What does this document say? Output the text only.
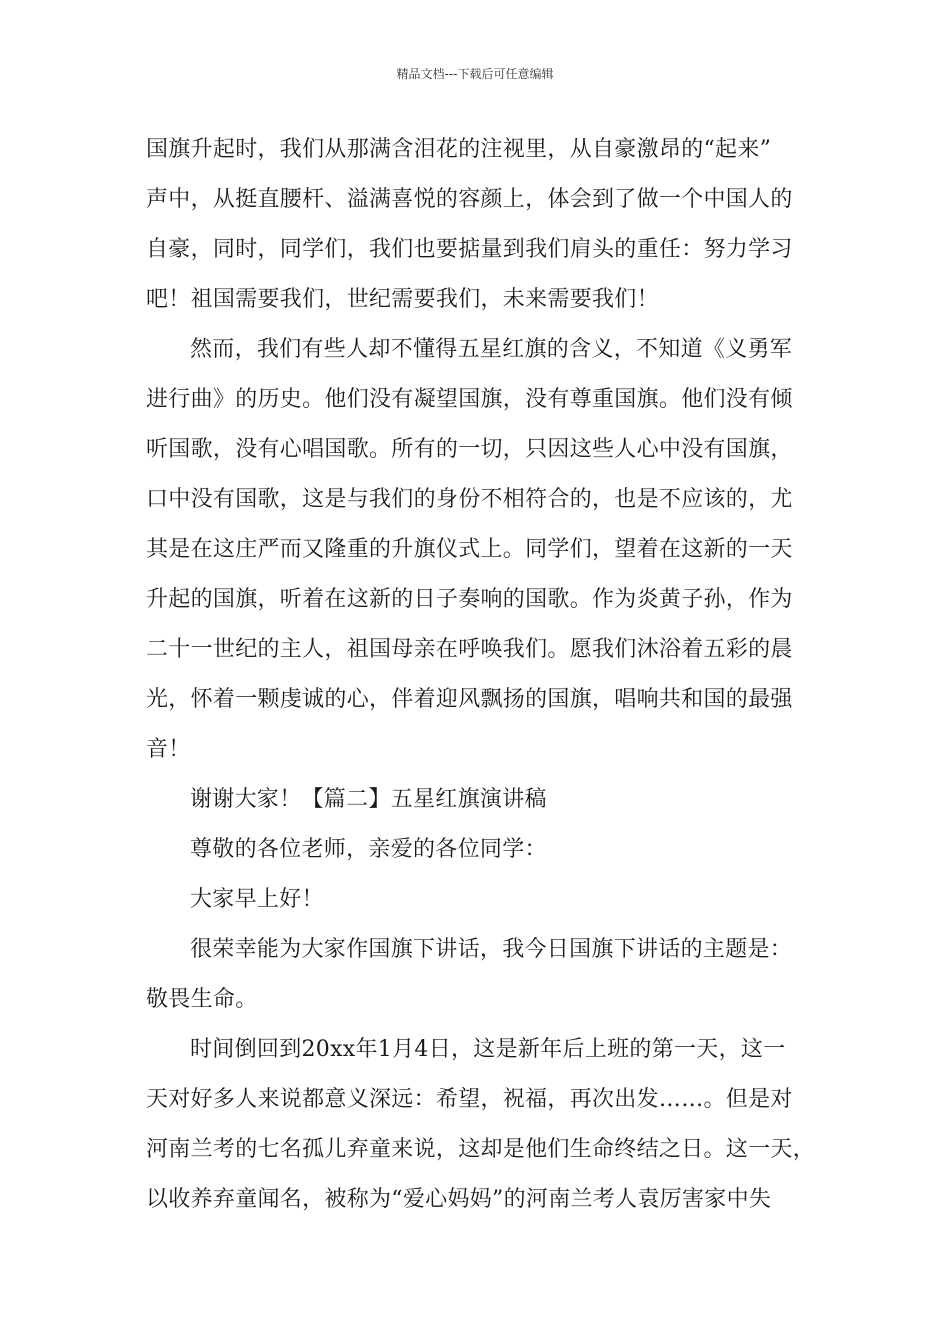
精品文档---下载后可任意编辑
国旗升起时，我们从那满含泪花的注视里，从自豪激昂的“起来”
声中，从挺直腰杆、溢满喜悦的容颜上，体会到了做一个中国人的
自豪，同时，同学们，我们也要掂量到我们肩头的重任：努力学习
吧！祖国需要我们，世纪需要我们，未来需要我们！
然而，我们有些人却不懂得五星红旗的含义，不知道《义勇军
进行曲》的历史。他们没有凝望国旗，没有尊重国旗。他们没有倾
听国歌，没有心唱国歌。所有的一切，只因这些人心中没有国旗，
口中没有国歌，这是与我们的身份不相符合的，也是不应该的，尤
其是在这庄严而又隆重的升旗仪式上。同学们，望着在这新的一天
升起的国旗，听着在这新的日子奏响的国歌。作为炎黄子孙，作为
二十一世纪的主人，祖国母亲在呼唤我们。愿我们沐浴着五彩的晨
光，怀着一颗虔诚的心，伴着迎风飘扬的国旗，唱响共和国的最强
音！
谢谢大家！【篇二】五星红旗演讲稿
尊敬的各位老师，亲爱的各位同学：
大家早上好！
很荣幸能为大家作国旗下讲话，我今日国旗下讲话的主题是：
敬畏生命。
时间倒回到20xx年1月4日，这是新年后上班的第一天，这一
天对好多人来说都意义深远：希望，祝福，再次出发……。但是对
河南兰考的七名孤儿弃童来说，这却是他们生命终结之日。这一天，
以收养弃童闻名，被称为“爱心妈妈”的河南兰考人袁厉害家中失
